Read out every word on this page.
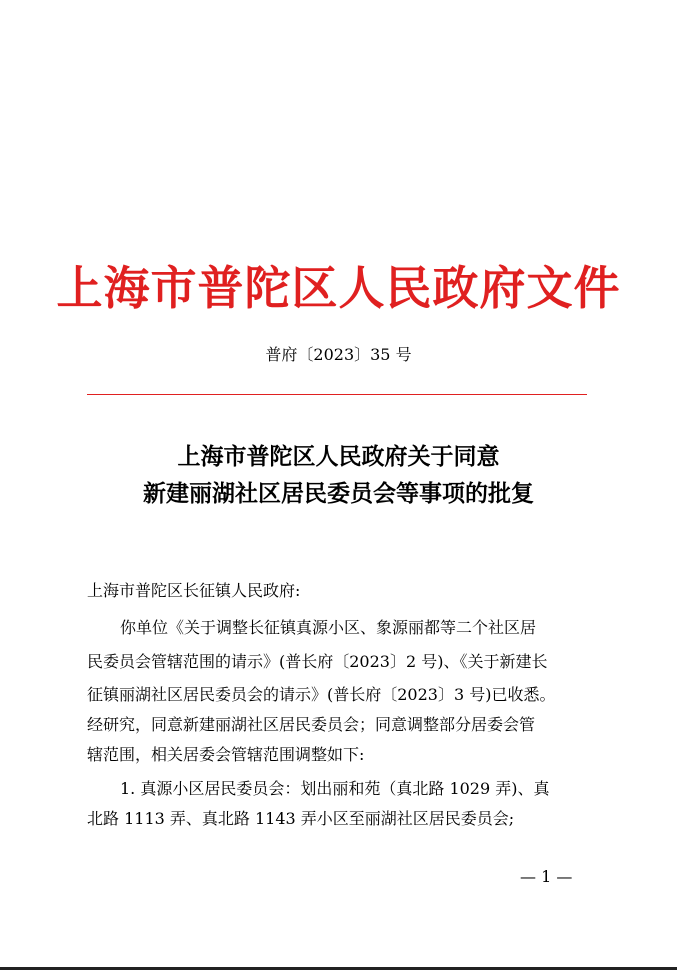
上海市普陀区人民政府文件
普府〔2023〕35 号
上海市普陀区人民政府关于同意
新建丽湖社区居民委员会等事项的批复
上海市普陀区长征镇人民政府:
你单位《关于调整长征镇真源小区、象源丽都等二个社区居
民委员会管辖范围的请示》(普长府〔2023〕2 号)、《关于新建长
征镇丽湖社区居民委员会的请示》(普长府〔2023〕3 号)已收悉。
经研究，同意新建丽湖社区居民委员会；同意调整部分居委会管
辖范围，相关居委会管辖范围调整如下:
1. 真源小区居民委员会：划出丽和苑（真北路 1029 弄)、真
北路 1113 弄、真北路 1143 弄小区至丽湖社区居民委员会;
— 1 —
